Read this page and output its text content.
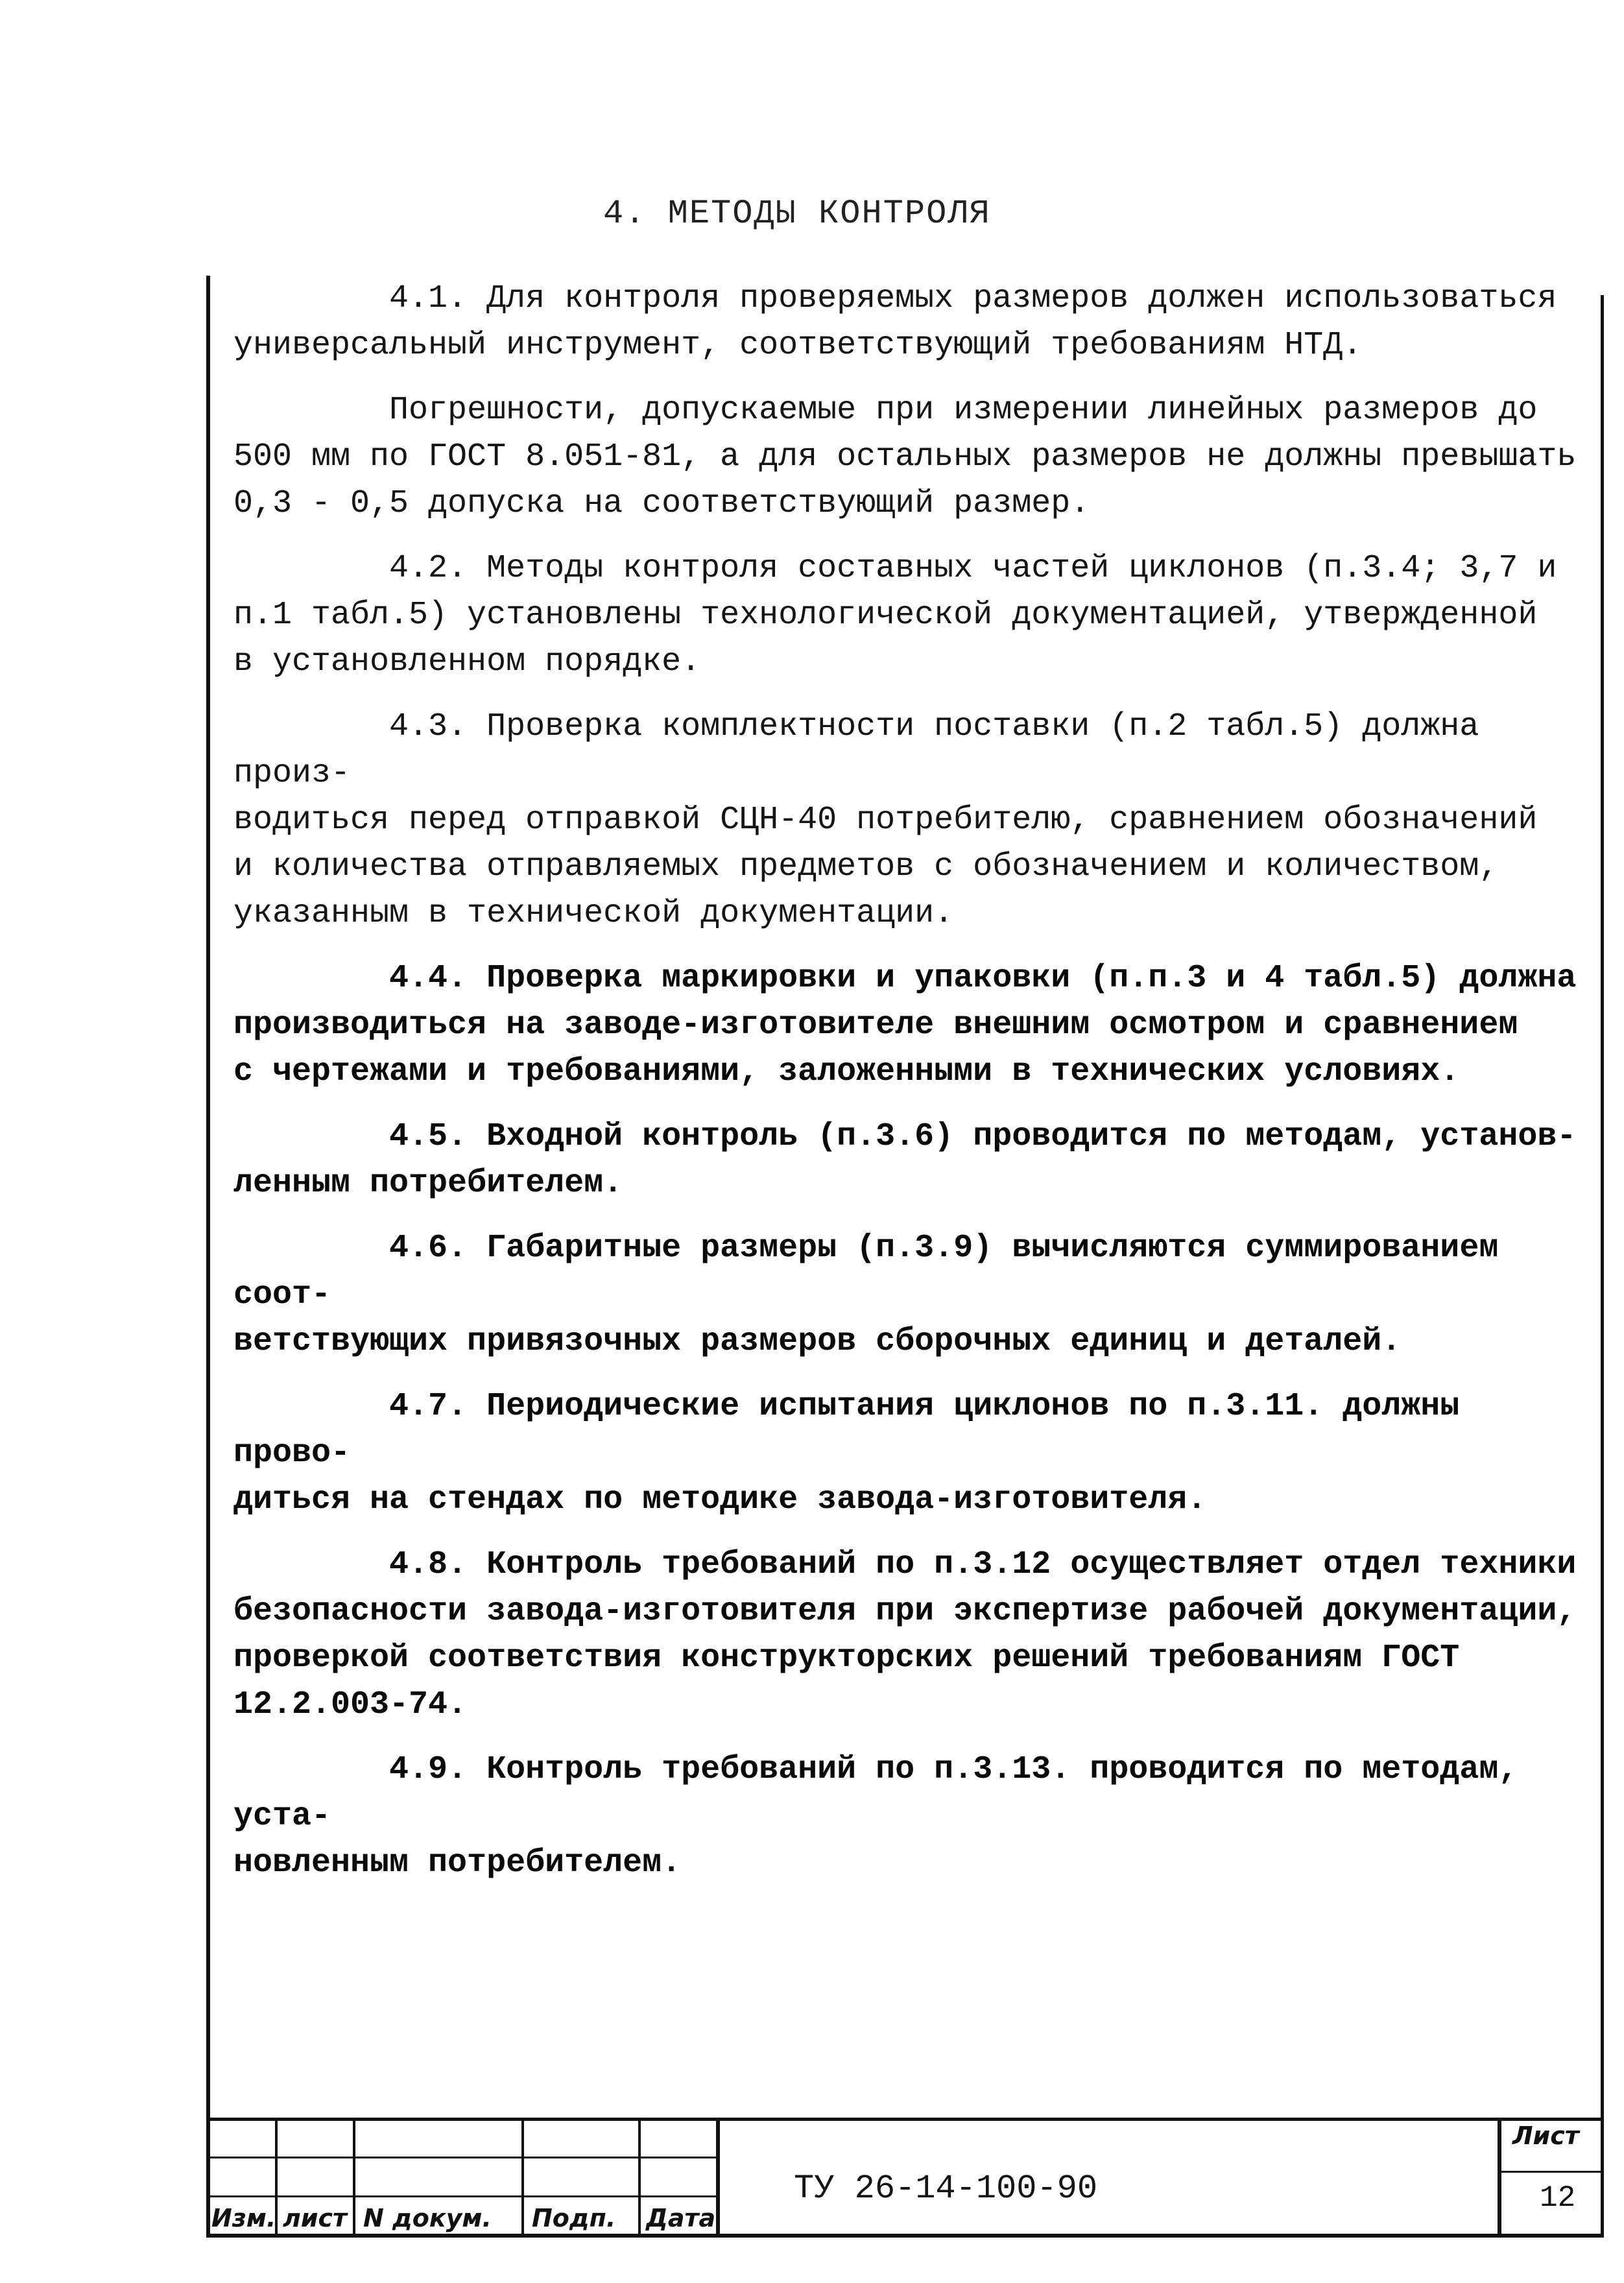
4. МЕТОДЫ КОНТРОЛЯ

4.1. Для контроля проверяемых размеров должен использоваться
универсальный инструмент, соответствующий требованиям НТД.

Погрешности, допускаемые при измерении линейных размеров до
500 мм по ГОСТ 8.051-81, а для остальных размеров не должны превышать
0,3 - 0,5 допуска на соответствующий размер.

4.2. Методы контроля составных частей циклонов (п.3.4; 3,7 и
п.1 табл.5) установлены технологической документацией, утвержденной
в установленном порядке.

4.3. Проверка комплектности поставки (п.2 табл.5) должна произ-
водиться перед отправкой СЦН-40 потребителю, сравнением обозначений
и количества отправляемых предметов с обозначением и количеством,
указанным в технической документации.

4.4. Проверка маркировки и упаковки (п.п.3 и 4 табл.5) должна
производиться на заводе-изготовителе внешним осмотром и сравнением
с чертежами и требованиями, заложенными в технических условиях.

4.5. Входной контроль (п.3.6) проводится по методам, установ-
ленным потребителем.

4.6. Габаритные размеры (п.3.9) вычисляются суммированием соот-
ветствующих привязочных размеров сборочных единиц и деталей.

4.7. Периодические испытания циклонов по п.3.11. должны прово-
диться на стендах по методике завода-изготовителя.

4.8. Контроль требований по п.3.12 осуществляет отдел техники
безопасности завода-изготовителя при экспертизе рабочей документации,
проверкой соответствия конструкторских решений требованиям ГОСТ
12.2.003-74.

4.9. Контроль требований по п.3.13. проводится по методам, уста-
новленным потребителем.

Изм. лист N докум. Подп. Дата
ТУ 26-14-100-90
Лист
12
